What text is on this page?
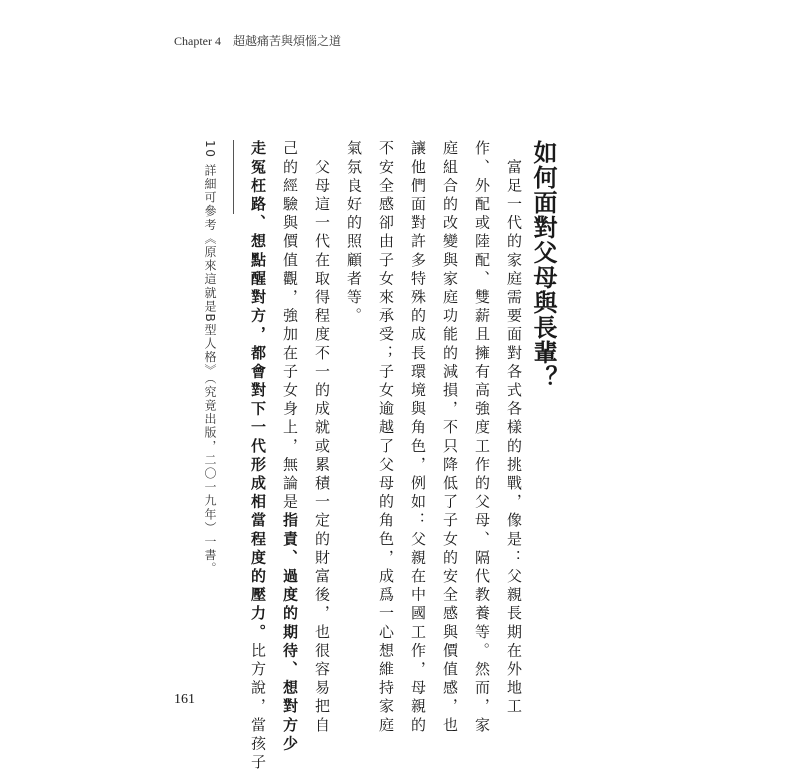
Chapter 4 超越痛苦與煩惱之道
如何面對父母與長輩？
　富足一代的家庭需要面對各式各樣的挑戰，像是：父親長期在外地工
作、外配或陸配、雙薪且擁有高強度工作的父母、隔代教養等。然而，家
庭組合的改變與家庭功能的減損，不只降低了子女的安全感與價值感，也
讓他們面對許多特殊的成長環境與角色，例如：父親在中國工作，母親的
不安全感卻由子女來承受；子女逾越了父母的角色，成爲一心想維持家庭
氣氛良好的照顧者等。
　父母這一代在取得程度不一的成就或累積一定的財富後，也很容易把自
己的經驗與價值觀，強加在子女身上，無論是指責、過度的期待、想對方少
走冤枉路、想點醒對方，都會對下一代形成相當程度的壓力。比方說，當孩子
10 詳細可參考《原來這就是B型人格》（究竟出版，二〇一九年）一書。
161
